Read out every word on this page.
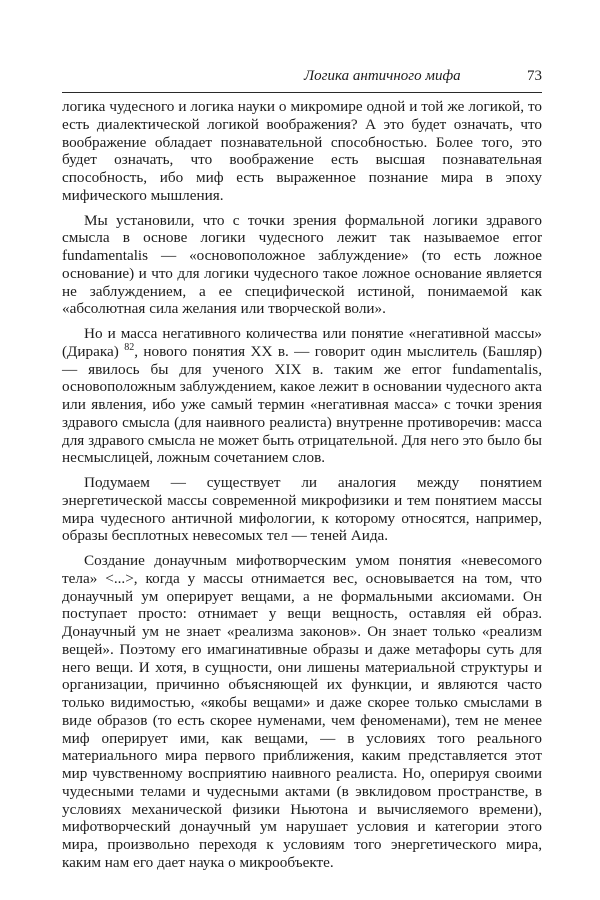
Логика античного мифа	73

логика чудесного и логика науки о микромире одной и той же логикой, то есть диалектической логикой воображения? А это будет означать, что воображение обладает познавательной способностью. Более того, это будет означать, что воображение есть высшая познавательная способность, ибо миф есть выраженное познание мира в эпоху мифического мышления.

Мы установили, что с точки зрения формальной логики здравого смысла в основе логики чудесного лежит так называемое error fundamentalis — «основоположное заблуждение» (то есть ложное основание) и что для логики чудесного такое ложное основание является не заблуждением, а ее специфической истиной, понимаемой как «абсолютная сила желания или творческой воли».

Но и масса негативного количества или понятие «негативной массы» (Дирака) $^{82}$, нового понятия XX в. — говорит один мыслитель (Башляр) — явилось бы для ученого XIX в. таким же error fundamentalis, основоположным заблуждением, какое лежит в основании чудесного акта или явления, ибо уже самый термин «негативная масса» с точки зрения здравого смысла (для наивного реалиста) внутренне противоречив: масса для здравого смысла не может быть отрицательной. Для него это было бы несмыслицей, ложным сочетанием слов.

Подумаем — существует ли аналогия между понятием энергетической массы современной микрофизики и тем понятием массы мира чудесного античной мифологии, к которому относятся, например, образы бесплотных невесомых тел — теней Аида.

Создание донаучным мифотворческим умом понятия «невесомого тела» <...>, когда у массы отнимается вес, основывается на том, что донаучный ум оперирует вещами, а не формальными аксиомами. Он поступает просто: отнимает у вещи вещность, оставляя ей образ. Донаучный ум не знает «реализма законов». Он знает только «реализм вещей». Поэтому его имагинативные образы и даже метафоры суть для него вещи. И хотя, в сущности, они лишены материальной структуры и организации, причинно объясняющей их функции, и являются часто только видимостью, «якобы вещами» и даже скорее только смыслами в виде образов (то есть скорее нуменами, чем феноменами), тем не менее миф оперирует ими, как вещами, — в условиях того реального материального мира первого приближения, каким представляется этот мир чувственному восприятию наивного реалиста. Но, оперируя своими чудесными телами и чудесными актами (в эвклидовом пространстве, в условиях механической физики Ньютона и вычисляемого времени), мифотворческий донаучный ум нарушает условия и категории этого мира, произвольно переходя к условиям того энергетического мира, каким нам его дает наука о микрообъекте.
